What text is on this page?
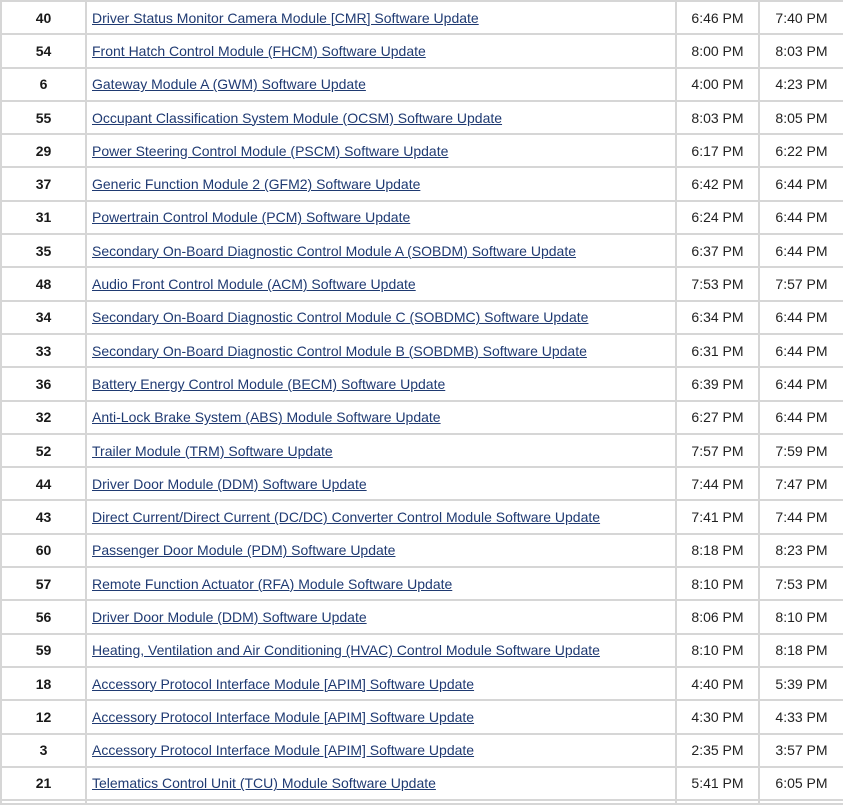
40	Driver Status Monitor Camera Module [CMR] Software Update	6:46 PM	7:40 PM
54	Front Hatch Control Module (FHCM) Software Update	8:00 PM	8:03 PM
6	Gateway Module A (GWM) Software Update	4:00 PM	4:23 PM
55	Occupant Classification System Module (OCSM) Software Update	8:03 PM	8:05 PM
29	Power Steering Control Module (PSCM) Software Update	6:17 PM	6:22 PM
37	Generic Function Module 2 (GFM2) Software Update	6:42 PM	6:44 PM
31	Powertrain Control Module (PCM) Software Update	6:24 PM	6:44 PM
35	Secondary On-Board Diagnostic Control Module A (SOBDM) Software Update	6:37 PM	6:44 PM
48	Audio Front Control Module (ACM) Software Update	7:53 PM	7:57 PM
34	Secondary On-Board Diagnostic Control Module C (SOBDMC) Software Update	6:34 PM	6:44 PM
33	Secondary On-Board Diagnostic Control Module B (SOBDMB) Software Update	6:31 PM	6:44 PM
36	Battery Energy Control Module (BECM) Software Update	6:39 PM	6:44 PM
32	Anti-Lock Brake System (ABS) Module Software Update	6:27 PM	6:44 PM
52	Trailer Module (TRM) Software Update	7:57 PM	7:59 PM
44	Driver Door Module (DDM) Software Update	7:44 PM	7:47 PM
43	Direct Current/Direct Current (DC/DC) Converter Control Module Software Update	7:41 PM	7:44 PM
60	Passenger Door Module (PDM) Software Update	8:18 PM	8:23 PM
57	Remote Function Actuator (RFA) Module Software Update	8:10 PM	7:53 PM
56	Driver Door Module (DDM) Software Update	8:06 PM	8:10 PM
59	Heating, Ventilation and Air Conditioning (HVAC) Control Module Software Update	8:10 PM	8:18 PM
18	Accessory Protocol Interface Module [APIM] Software Update	4:40 PM	5:39 PM
12	Accessory Protocol Interface Module [APIM] Software Update	4:30 PM	4:33 PM
3	Accessory Protocol Interface Module [APIM] Software Update	2:35 PM	3:57 PM
21	Telematics Control Unit (TCU) Module Software Update	5:41 PM	6:05 PM
